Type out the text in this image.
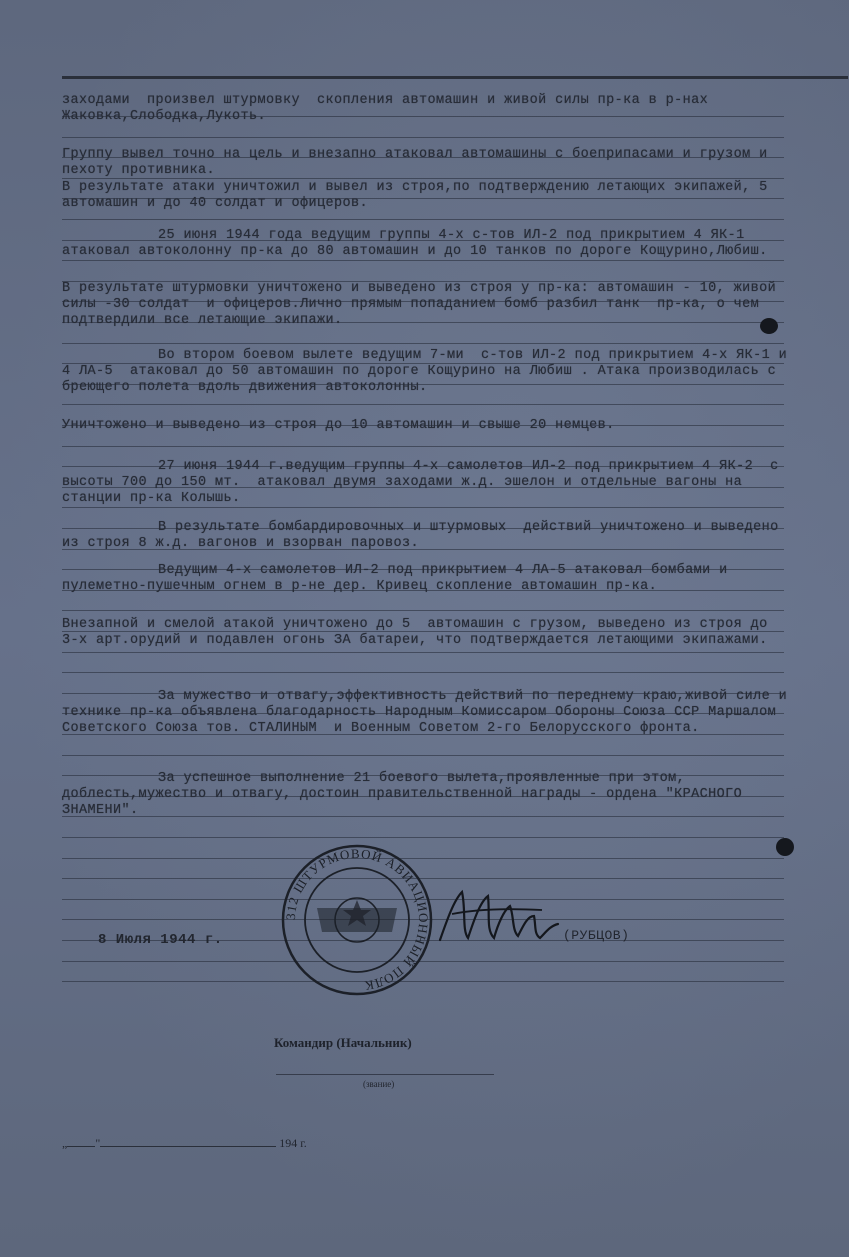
заходами  произвел штурмовку  скопления автомашин и живой силы пр-ка в р-нах Жаковка,Слободка,Лукоть.
Группу вывел точно на цель и внезапно атаковал автомашины с боеприпасами и грузом и пехоту противника.
В результате атаки уничтожил и вывел из строя,по подтверждению летающих экипажей, 5 автомашин и до 40 солдат и офицеров.
25 июня 1944 года ведущим группы 4-х с-тов ИЛ-2 под прикрытием 4 ЯК-1 атаковал автоколонну пр-ка до 80 автомашин и до 10 танков по дороге Кощурино,Любиш.
В результате штурмовки уничтожено и выведено из строя у пр-ка: автомашин - 10, живой силы -30 солдат  и офицеров.Лично прямым попаданием бомб разбил танк  пр-ка, о чем подтвердили все летающие экипажи.
Во втором боевом вылете ведущим 7-ми  с-тов ИЛ-2 под прикрытием 4-х ЯК-1 и 4 ЛА-5  атаковал до 50 автомашин по дороге Кощурино на Любиш . Атака производилась с бреющего полета вдоль движения автоколонны.
Уничтожено и выведено из строя до 10 автомашин и свыше 20 немцев.
27 июня 1944 г.ведущим группы 4-х самолетов ИЛ-2 под прикрытием 4 ЯК-2  с высоты 700 до 150 мт.  атаковал двумя заходами ж.д. эшелон и отдельные вагоны на станции пр-ка Колышь.
В результате бомбардировочных и штурмовых  действий уничтожено и выведено из строя 8 ж.д. вагонов и взорван паровоз.
Ведущим 4-х самолетов ИЛ-2 под прикрытием 4 ЛА-5 атаковал бомбами и пулеметно-пушечным огнем в р-не дер. Кривец скопление автомашин пр-ка.
Внезапной и смелой атакой уничтожено до 5  автомашин с грузом, выведено из строя до 3-х арт.орудий и подавлен огонь ЗА батареи, что подтверждается летающими экипажами.
За мужество и отвагу,эффективность действий по переднему краю,живой силе и технике пр-ка объявлена благодарность Народным Комиссаром Обороны Союза ССР Маршалом Советского Союза тов. СТАЛИНЫМ  и Военным Советом 2-го Белорусского фронта.
За успешное выполнение 21 боевого вылета,проявленные при этом, доблесть,мужество и отвагу, достоин правительственной награды - ордена "КРАСНОГО ЗНАМЕНИ".
312 ШТУРМОВОЙ АВИАЦИОННЫЙ ПОЛК
8 Июля 1944 г.	(РУБЦОВ)
Командир (Начальник)
(звание)
„ "	194 г.
